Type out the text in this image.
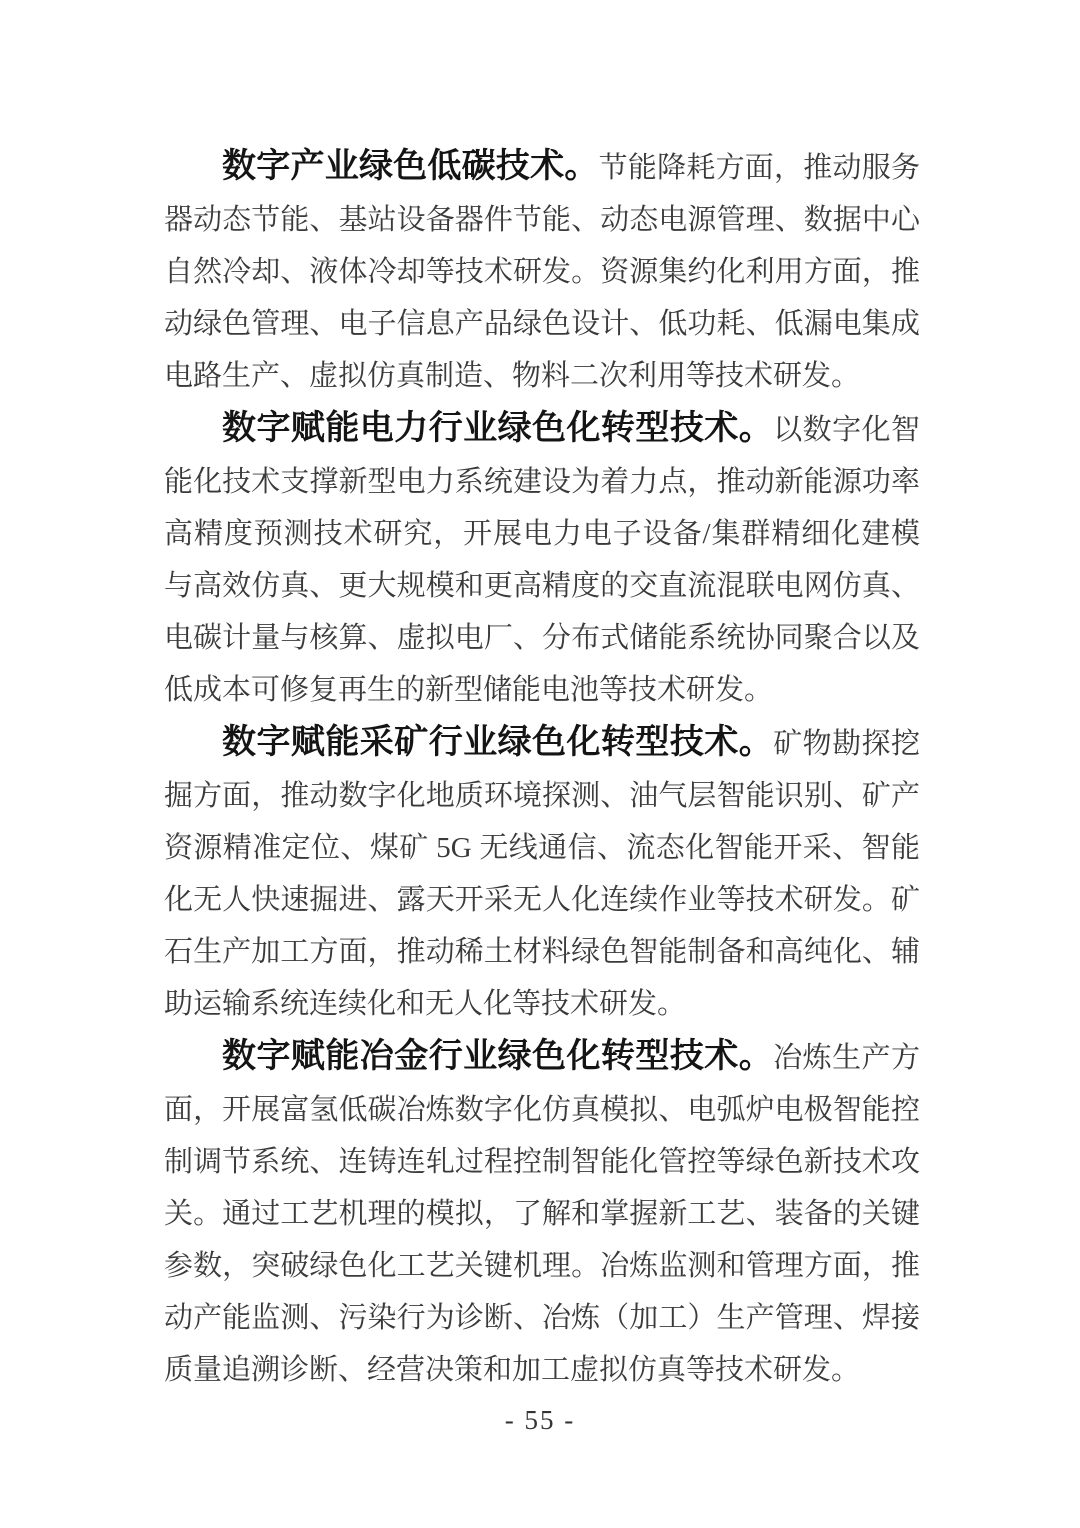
数字产业绿色低碳技术。节能降耗方面，推动服务器动态节能、基站设备器件节能、动态电源管理、数据中心自然冷却、液体冷却等技术研发。资源集约化利用方面，推动绿色管理、电子信息产品绿色设计、低功耗、低漏电集成电路生产、虚拟仿真制造、物料二次利用等技术研发。

数字赋能电力行业绿色化转型技术。以数字化智能化技术支撑新型电力系统建设为着力点，推动新能源功率高精度预测技术研究，开展电力电子设备/集群精细化建模与高效仿真、更大规模和更高精度的交直流混联电网仿真、电碳计量与核算、虚拟电厂、分布式储能系统协同聚合以及低成本可修复再生的新型储能电池等技术研发。

数字赋能采矿行业绿色化转型技术。矿物勘探挖掘方面，推动数字化地质环境探测、油气层智能识别、矿产资源精准定位、煤矿 5G 无线通信、流态化智能开采、智能化无人快速掘进、露天开采无人化连续作业等技术研发。矿石生产加工方面，推动稀土材料绿色智能制备和高纯化、辅助运输系统连续化和无人化等技术研发。

数字赋能冶金行业绿色化转型技术。冶炼生产方面，开展富氢低碳冶炼数字化仿真模拟、电弧炉电极智能控制调节系统、连铸连轧过程控制智能化管控等绿色新技术攻关。通过工艺机理的模拟，了解和掌握新工艺、装备的关键参数，突破绿色化工艺关键机理。冶炼监测和管理方面，推动产能监测、污染行为诊断、冶炼（加工）生产管理、焊接质量追溯诊断、经营决策和加工虚拟仿真等技术研发。

- 55 -
